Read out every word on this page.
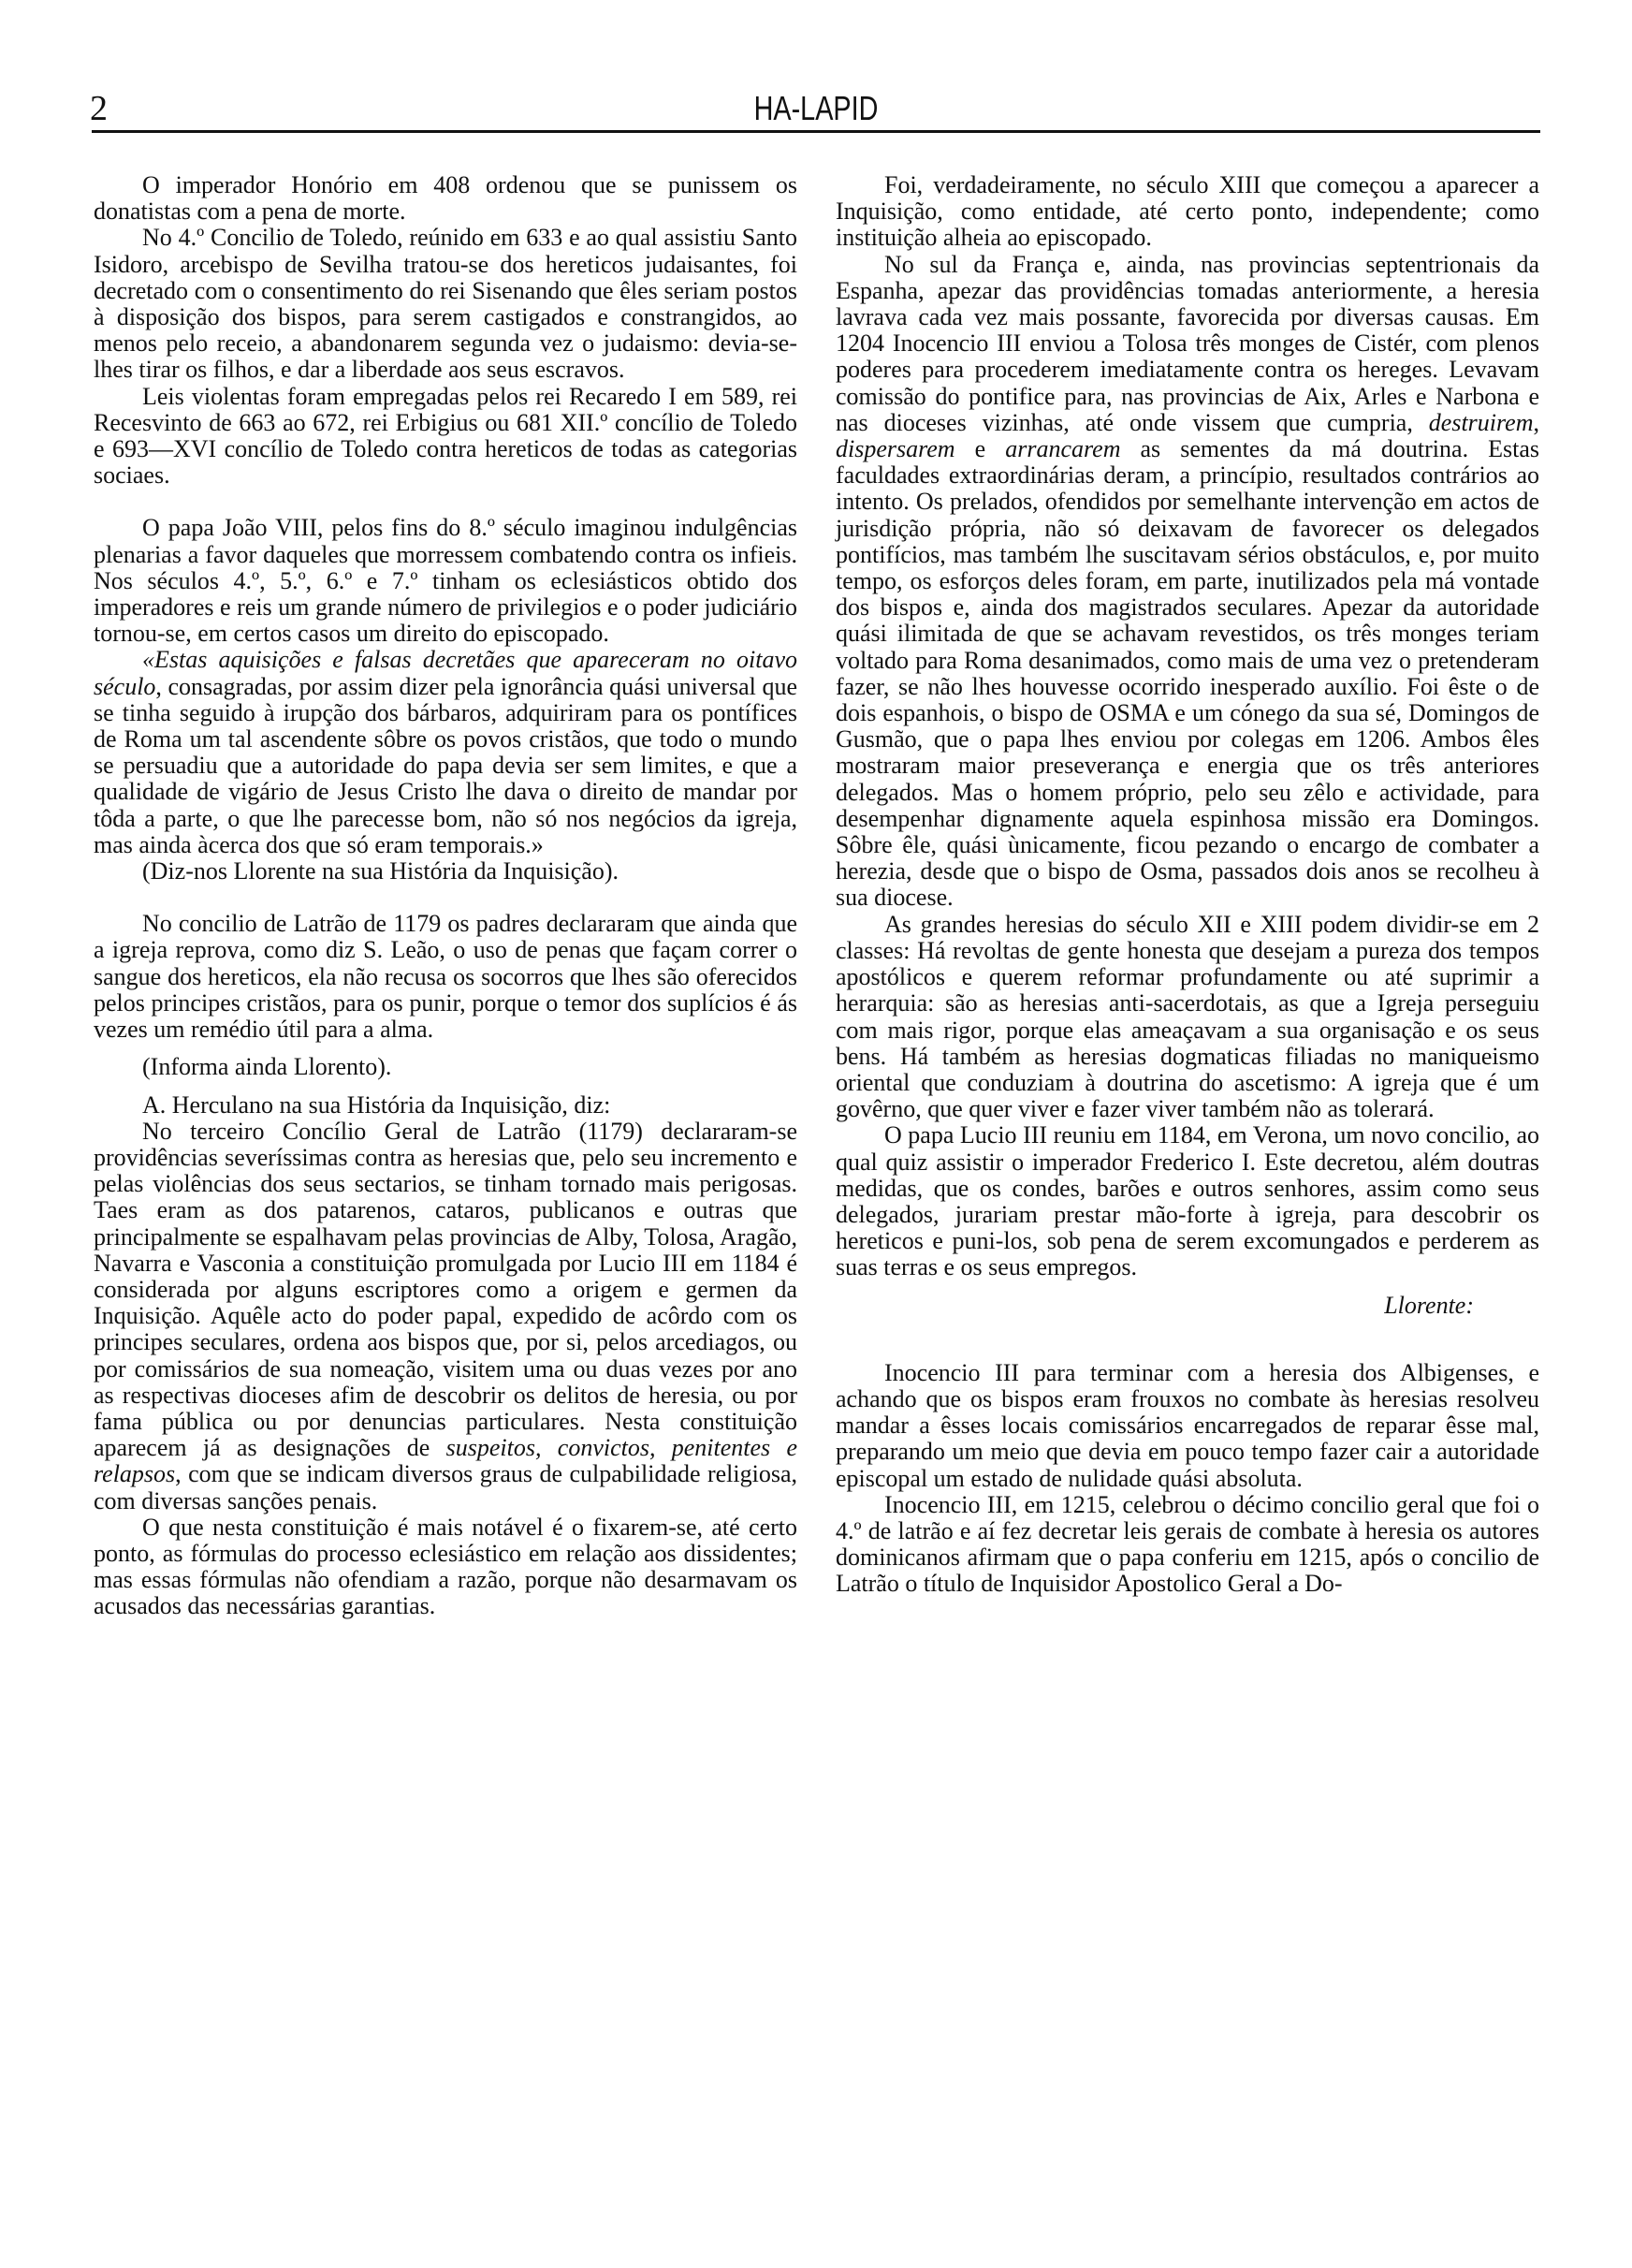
2	HA-LAPID

O imperador Honório em 408 ordenou que se punissem os donatistas com a pena de morte.

No 4.º Concilio de Toledo, reúnido em 633 e ao qual assistiu Santo Isidoro, arcebispo de Sevilha tratou-se dos hereticos judaisantes, foi decretado com o consentimento do rei Sisenando que êles seriam postos à disposição dos bispos, para serem castigados e constrangidos, ao menos pelo receio, a abandonarem segunda vez o judaismo: devia-se-lhes tirar os filhos, e dar a liberdade aos seus escravos.

Leis violentas foram empregadas pelos rei Recaredo I em 589, rei Recesvinto de 663 ao 672, rei Erbigius ou 681 XII.º concílio de Toledo e 693—XVI concílio de Toledo contra hereticos de todas as categorias sociaes.

O papa João VIII, pelos fins do 8.º século imaginou indulgências plenarias a favor daqueles que morressem combatendo contra os infieis. Nos séculos 4.º, 5.º, 6.º e 7.º tinham os eclesiásticos obtido dos imperadores e reis um grande número de privilegios e o poder judiciário tornou-se, em certos casos um direito do episcopado.

«Estas aquisições e falsas decretães que apareceram no oitavo século, consagradas, por assim dizer pela ignorância quási universal que se tinha seguido à irupção dos bárbaros, adquiriram para os pontífices de Roma um tal ascendente sôbre os povos cristãos, que todo o mundo se persuadiu que a autoridade do papa devia ser sem limites, e que a qualidade de vigário de Jesus Cristo lhe dava o direito de mandar por tôda a parte, o que lhe parecesse bom, não só nos negócios da igreja, mas ainda àcerca dos que só eram temporais.»

(Diz-nos Llorente na sua História da Inquisição).

No concilio de Latrão de 1179 os padres declararam que ainda que a igreja reprova, como diz S. Leão, o uso de penas que façam correr o sangue dos hereticos, ela não recusa os socorros que lhes são oferecidos pelos principes cristãos, para os punir, porque o temor dos suplícios é ás vezes um remédio útil para a alma.

(Informa ainda Llorento).

A. Herculano na sua História da Inquisição, diz:

No terceiro Concílio Geral de Latrão (1179) declararam-se providências severíssimas contra as heresias que, pelo seu incremento e pelas violências dos seus sectarios, se tinham tornado mais perigosas. Taes eram as dos patarenos, cataros, publicanos e outras que principalmente se espalhavam pelas provincias de Alby, Tolosa, Aragão, Navarra e Vasconia a constituição promulgada por Lucio III em 1184 é considerada por alguns escriptores como a origem e germen da Inquisição. Aquêle acto do poder papal, expedido de acôrdo com os principes seculares, ordena aos bispos que, por si, pelos arcediagos, ou por comissários de sua nomeação, visitem uma ou duas vezes por ano as respectivas dioceses afim de descobrir os delitos de heresia, ou por fama pública ou por denuncias particulares. Nesta constituição aparecem já as designações de suspeitos, convictos, penitentes e relapsos, com que se indicam diversos graus de culpabilidade religiosa, com diversas sanções penais.

O que nesta constituição é mais notável é o fixarem-se, até certo ponto, as fórmulas do processo eclesiástico em relação aos dissidentes; mas essas fórmulas não ofendiam a razão, porque não desarmavam os acusados das necessárias garantias.

Foi, verdadeiramente, no século XIII que começou a aparecer a Inquisição, como entidade, até certo ponto, independente; como instituição alheia ao episcopado.

No sul da França e, ainda, nas provincias septentrionais da Espanha, apezar das providências tomadas anteriormente, a heresia lavrava cada vez mais possante, favorecida por diversas causas. Em 1204 Inocencio III enviou a Tolosa três monges de Cistér, com plenos poderes para procederem imediatamente contra os hereges. Levavam comissão do pontifice para, nas provincias de Aix, Arles e Narbona e nas dioceses vizinhas, até onde vissem que cumpria, destruirem, dispersarem e arrancarem as sementes da má doutrina. Estas faculdades extraordinárias deram, a princípio, resultados contrários ao intento. Os prelados, ofendidos por semelhante intervenção em actos de jurisdição própria, não só deixavam de favorecer os delegados pontifícios, mas também lhe suscitavam sérios obstáculos, e, por muito tempo, os esforços deles foram, em parte, inutilizados pela má vontade dos bispos e, ainda dos magistrados seculares. Apezar da autoridade quási ilimitada de que se achavam revestidos, os três monges teriam voltado para Roma desanimados, como mais de uma vez o pretenderam fazer, se não lhes houvesse ocorrido inesperado auxílio. Foi êste o de dois espanhois, o bispo de OSMA e um cónego da sua sé, Domingos de Gusmão, que o papa lhes enviou por colegas em 1206. Ambos êles mostraram maior preseverança e energia que os três anteriores delegados. Mas o homem próprio, pelo seu zêlo e actividade, para desempenhar dignamente aquela espinhosa missão era Domingos. Sôbre êle, quási ùnicamente, ficou pezando o encargo de combater a herezia, desde que o bispo de Osma, passados dois anos se recolheu à sua diocese.

As grandes heresias do século XII e XIII podem dividir-se em 2 classes: Há revoltas de gente honesta que desejam a pureza dos tempos apostólicos e querem reformar profundamente ou até suprimir a herarquia: são as heresias anti-sacerdotais, as que a Igreja perseguiu com mais rigor, porque elas ameaçavam a sua organisação e os seus bens. Há também as heresias dogmaticas filiadas no maniqueismo oriental que conduziam à doutrina do ascetismo: A igreja que é um govêrno, que quer viver e fazer viver também não as tolerará.

O papa Lucio III reuniu em 1184, em Verona, um novo concilio, ao qual quiz assistir o imperador Frederico I. Este decretou, além doutras medidas, que os condes, barões e outros senhores, assim como seus delegados, jurariam prestar mão-forte à igreja, para descobrir os hereticos e puni-los, sob pena de serem excomungados e perderem as suas terras e os seus empregos.

Llorente:

Inocencio III para terminar com a heresia dos Albigenses, e achando que os bispos eram frouxos no combate às heresias resolveu mandar a êsses locais comissários encarregados de reparar êsse mal, preparando um meio que devia em pouco tempo fazer cair a autoridade episcopal um estado de nulidade quási absoluta.

Inocencio III, em 1215, celebrou o décimo concilio geral que foi o 4.º de latrão e aí fez decretar leis gerais de combate à heresia os autores dominicanos afirmam que o papa conferiu em 1215, após o concilio de Latrão o título de Inquisidor Apostolico Geral a Do-
